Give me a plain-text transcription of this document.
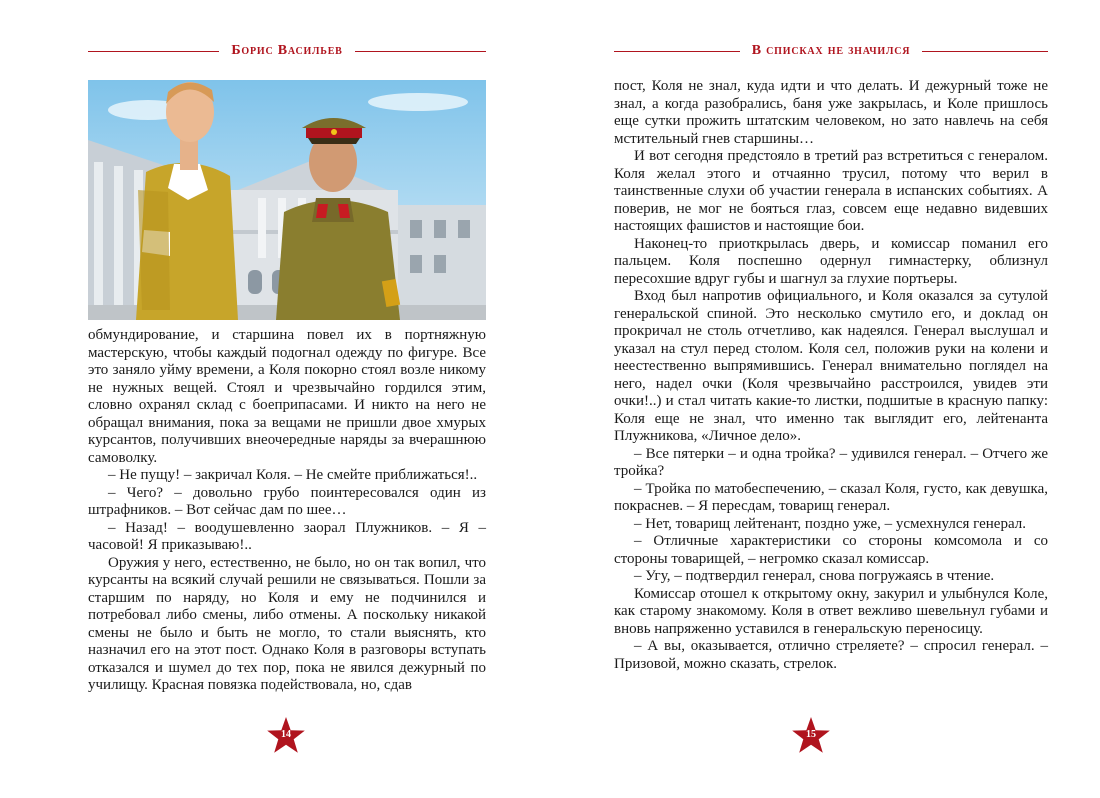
Борис Васильев

обмундирование, и старшина повел их в портняжную мастерскую, чтобы каждый подогнал одежду по фигуре. Все это заняло уйму времени, а Коля покорно стоял возле никому не нужных вещей. Стоял и чрезвычайно гордился этим, словно охранял склад с боеприпасами. И никто на него не обращал внимания, пока за вещами не пришли двое хмурых курсантов, получивших внеочередные наряды за вчерашнюю самоволку.

– Не пущу! – закричал Коля. – Не смейте приближаться!..

– Чего? – довольно грубо поинтересовался один из штрафников. – Вот сейчас дам по шее…

– Назад! – воодушевленно заорал Плужников. – Я – часовой! Я приказываю!..

Оружия у него, естественно, не было, но он так вопил, что курсанты на всякий случай решили не связываться. Пошли за старшим по наряду, но Коля и ему не подчинился и потребовал либо смены, либо отмены. А поскольку никакой смены не было и быть не могло, то стали выяснять, кто назначил его на этот пост. Однако Коля в разговоры вступать отказался и шумел до тех пор, пока не явился дежурный по училищу. Красная повязка подействовала, но, сдав

14
В списках не значился

пост, Коля не знал, куда идти и что делать. И дежурный тоже не знал, а когда разобрались, баня уже закрылась, и Коле пришлось еще сутки прожить штатским человеком, но зато навлечь на себя мстительный гнев старшины…

И вот сегодня предстояло в третий раз встретиться с генералом. Коля желал этого и отчаянно трусил, потому что верил в таинственные слухи об участии генерала в испанских событиях. А поверив, не мог не бояться глаз, совсем еще недавно видевших настоящих фашистов и настоящие бои.

Наконец-то приоткрылась дверь, и комиссар поманил его пальцем. Коля поспешно одернул гимнастерку, облизнул пересохшие вдруг губы и шагнул за глухие портьеры.

Вход был напротив официального, и Коля оказался за сутулой генеральской спиной. Это несколько смутило его, и доклад он прокричал не столь отчетливо, как надеялся. Генерал выслушал и указал на стул перед столом. Коля сел, положив руки на колени и неестественно выпрямившись. Генерал внимательно поглядел на него, надел очки (Коля чрезвычайно расстроился, увидев эти очки!..) и стал читать какие-то листки, подшитые в красную папку: Коля еще не знал, что именно так выглядит его, лейтенанта Плужникова, «Личное дело».

– Все пятерки – и одна тройка? – удивился генерал. – Отчего же тройка?

– Тройка по матобеспечению, – сказал Коля, густо, как девушка, покраснев. – Я пересдам, товарищ генерал.

– Нет, товарищ лейтенант, поздно уже, – усмехнулся генерал.

– Отличные характеристики со стороны комсомола и со стороны товарищей, – негромко сказал комиссар.

– Угу, – подтвердил генерал, снова погружаясь в чтение.

Комиссар отошел к открытому окну, закурил и улыбнулся Коле, как старому знакомому. Коля в ответ вежливо шевельнул губами и вновь напряженно уставился в генеральскую переносицу.

– А вы, оказывается, отлично стреляете? – спросил генерал. – Призовой, можно сказать, стрелок.

15
